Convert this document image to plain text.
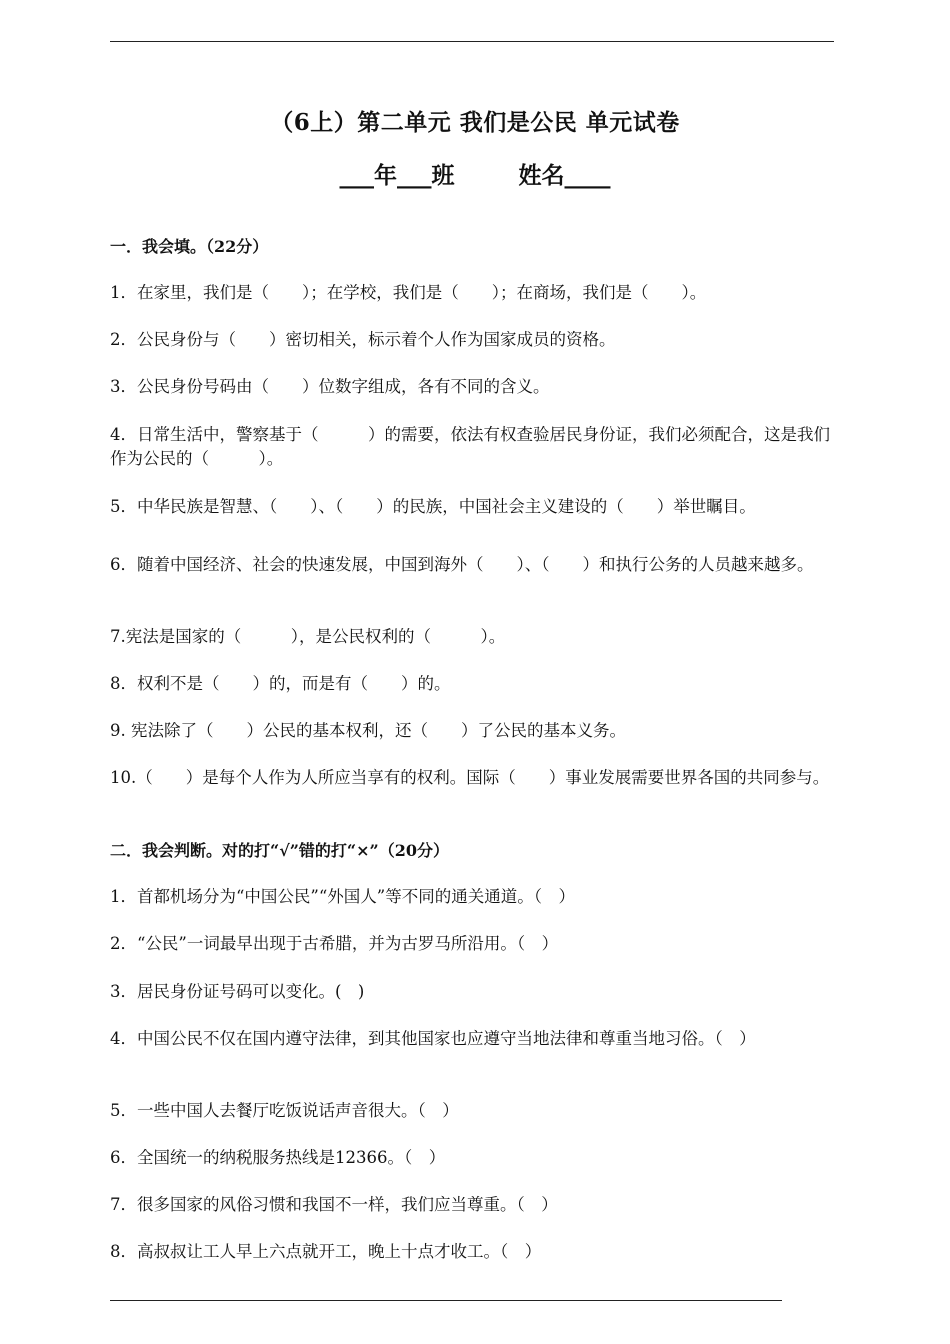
（6上）第二单元 我们是公民 单元试卷
___年___班        姓名____
一．我会填。（22分）
1．在家里，我们是（　　）；在学校，我们是（　　）；在商场，我们是（　　）。
2．公民身份与（　　）密切相关，标示着个人作为国家成员的资格。
3．公民身份号码由（　　）位数字组成，各有不同的含义。
4．日常生活中，警察基于（　　　）的需要，依法有权查验居民身份证，我们必须配合，这是我们作为公民的（　　　）。
5．中华民族是智慧、（　　）、（　　）的民族，中国社会主义建设的（　　）举世瞩目。
6．随着中国经济、社会的快速发展，中国到海外（　　）、（　　）和执行公务的人员越来越多。
7.宪法是国家的（　　　），是公民权利的（　　　）。
8．权利不是（　　）的，而是有（　　）的。
9. 宪法除了（　　）公民的基本权利，还（　　）了公民的基本义务。
10.（　　）是每个人作为人所应当享有的权利。国际（　　）事业发展需要世界各国的共同参与。
二．我会判断。对的打“√”错的打“×”（20分）
1．首都机场分为“中国公民”“外国人”等不同的通关通道。（　）
2．“公民”一词最早出现于古希腊，并为古罗马所沿用。（　）
3．居民身份证号码可以变化。(　)
4．中国公民不仅在国内遵守法律，到其他国家也应遵守当地法律和尊重当地习俗。（　）
5．一些中国人去餐厅吃饭说话声音很大。（　）
6．全国统一的纳税服务热线是12366。（　）
7．很多国家的风俗习惯和我国不一样，我们应当尊重。（　）
8．高叔叔让工人早上六点就开工，晚上十点才收工。（　）
